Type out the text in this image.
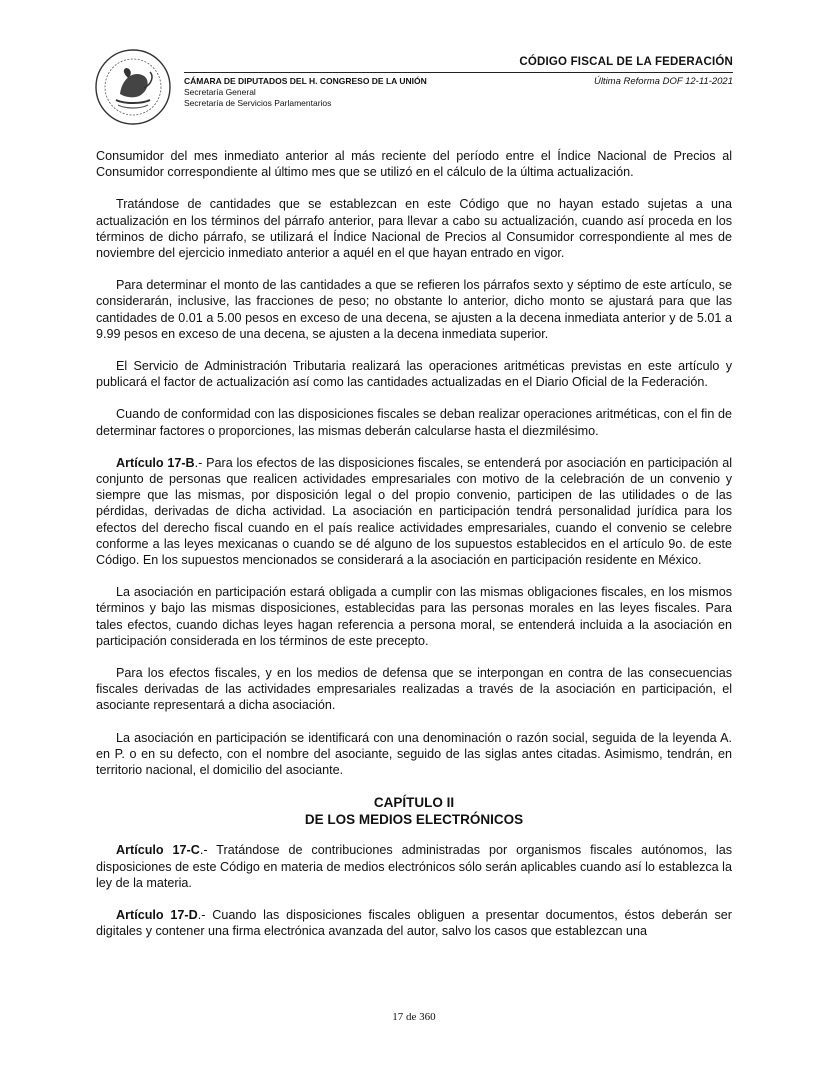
CÓDIGO FISCAL DE LA FEDERACIÓN
Última Reforma DOF 12-11-2021
CÁMARA DE DIPUTADOS DEL H. CONGRESO DE LA UNIÓN
Secretaría General
Secretaría de Servicios Parlamentarios

Consumidor del mes inmediato anterior al más reciente del período entre el Índice Nacional de Precios al Consumidor correspondiente al último mes que se utilizó en el cálculo de la última actualización.

Tratándose de cantidades que se establezcan en este Código que no hayan estado sujetas a una actualización en los términos del párrafo anterior, para llevar a cabo su actualización, cuando así proceda en los términos de dicho párrafo, se utilizará el Índice Nacional de Precios al Consumidor correspondiente al mes de noviembre del ejercicio inmediato anterior a aquél en el que hayan entrado en vigor.

Para determinar el monto de las cantidades a que se refieren los párrafos sexto y séptimo de este artículo, se considerarán, inclusive, las fracciones de peso; no obstante lo anterior, dicho monto se ajustará para que las cantidades de 0.01 a 5.00 pesos en exceso de una decena, se ajusten a la decena inmediata anterior y de 5.01 a 9.99 pesos en exceso de una decena, se ajusten a la decena inmediata superior.

El Servicio de Administración Tributaria realizará las operaciones aritméticas previstas en este artículo y publicará el factor de actualización así como las cantidades actualizadas en el Diario Oficial de la Federación.

Cuando de conformidad con las disposiciones fiscales se deban realizar operaciones aritméticas, con el fin de determinar factores o proporciones, las mismas deberán calcularse hasta el diezmilésimo.

Artículo 17-B.- Para los efectos de las disposiciones fiscales, se entenderá por asociación en participación al conjunto de personas que realicen actividades empresariales con motivo de la celebración de un convenio y siempre que las mismas, por disposición legal o del propio convenio, participen de las utilidades o de las pérdidas, derivadas de dicha actividad. La asociación en participación tendrá personalidad jurídica para los efectos del derecho fiscal cuando en el país realice actividades empresariales, cuando el convenio se celebre conforme a las leyes mexicanas o cuando se dé alguno de los supuestos establecidos en el artículo 9o. de este Código. En los supuestos mencionados se considerará a la asociación en participación residente en México.

La asociación en participación estará obligada a cumplir con las mismas obligaciones fiscales, en los mismos términos y bajo las mismas disposiciones, establecidas para las personas morales en las leyes fiscales. Para tales efectos, cuando dichas leyes hagan referencia a persona moral, se entenderá incluida a la asociación en participación considerada en los términos de este precepto.

Para los efectos fiscales, y en los medios de defensa que se interpongan en contra de las consecuencias fiscales derivadas de las actividades empresariales realizadas a través de la asociación en participación, el asociante representará a dicha asociación.

La asociación en participación se identificará con una denominación o razón social, seguida de la leyenda A. en P. o en su defecto, con el nombre del asociante, seguido de las siglas antes citadas. Asimismo, tendrán, en territorio nacional, el domicilio del asociante.

CAPÍTULO II
DE LOS MEDIOS ELECTRÓNICOS

Artículo 17-C.- Tratándose de contribuciones administradas por organismos fiscales autónomos, las disposiciones de este Código en materia de medios electrónicos sólo serán aplicables cuando así lo establezca la ley de la materia.

Artículo 17-D.- Cuando las disposiciones fiscales obliguen a presentar documentos, éstos deberán ser digitales y contener una firma electrónica avanzada del autor, salvo los casos que establezcan una

17 de 360
